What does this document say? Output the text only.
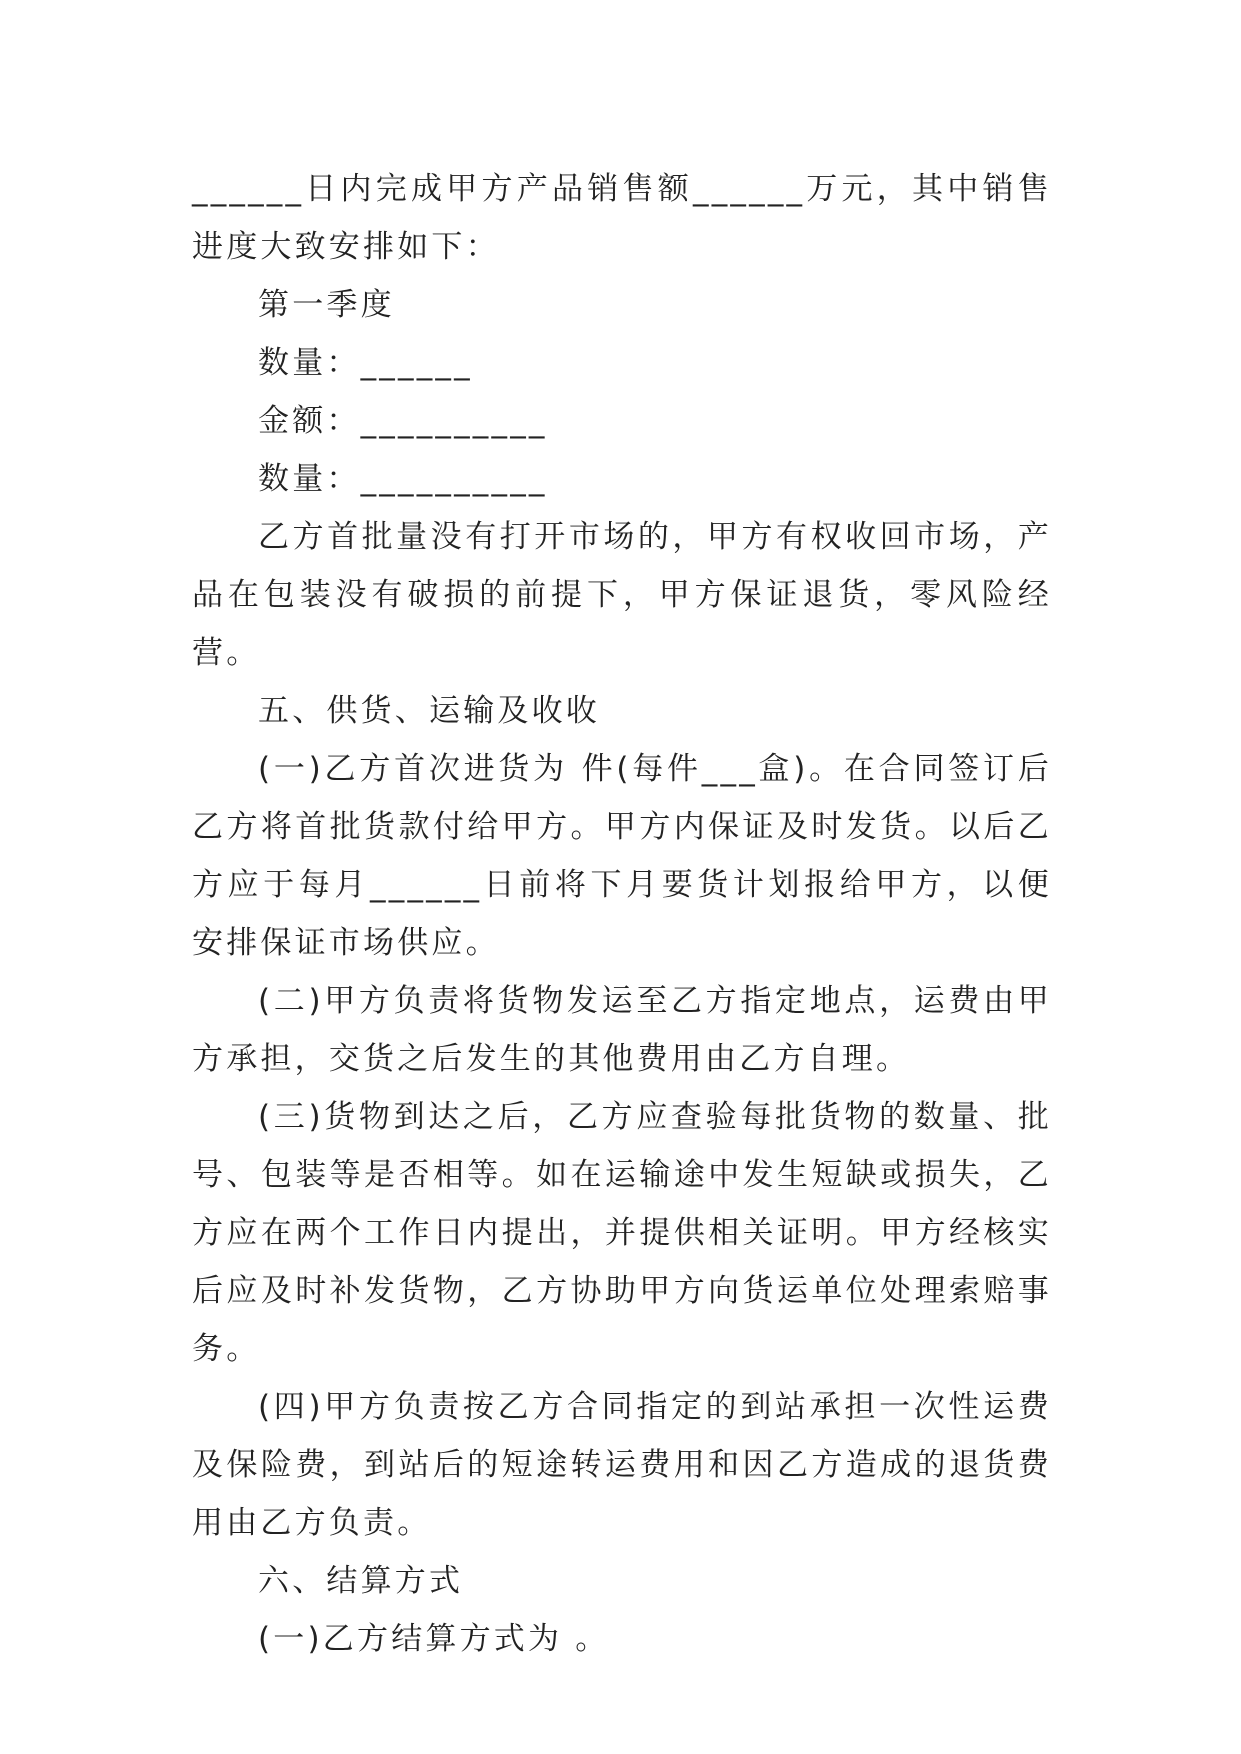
______日内完成甲方产品销售额______万元，其中销售进度大致安排如下：

第一季度

数量：______

金额：__________

数量：__________

乙方首批量没有打开市场的，甲方有权收回市场，产品在包装没有破损的前提下，甲方保证退货，零风险经营。

五、供货、运输及收收

(一)乙方首次进货为 件(每件___盒)。在合同签订后乙方将首批货款付给甲方。甲方内保证及时发货。以后乙方应于每月______日前将下月要货计划报给甲方，以便安排保证市场供应。

(二)甲方负责将货物发运至乙方指定地点，运费由甲方承担，交货之后发生的其他费用由乙方自理。

(三)货物到达之后，乙方应查验每批货物的数量、批号、包装等是否相等。如在运输途中发生短缺或损失，乙方应在两个工作日内提出，并提供相关证明。甲方经核实后应及时补发货物，乙方协助甲方向货运单位处理索赔事务。

(四)甲方负责按乙方合同指定的到站承担一次性运费及保险费，到站后的短途转运费用和因乙方造成的退货费用由乙方负责。

六、结算方式

(一)乙方结算方式为 。
